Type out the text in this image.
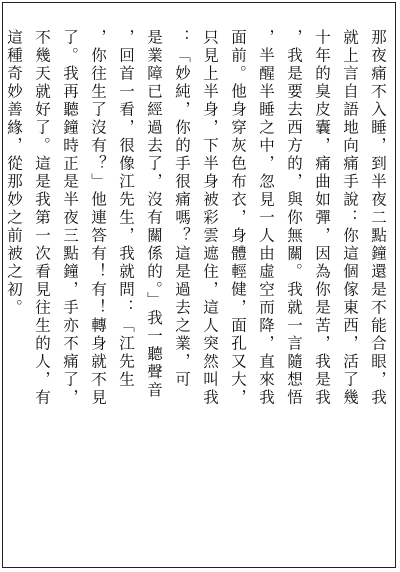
那夜痛不入睡，到半夜二點鐘還是不能合眼，我
就上言自語地向痛手說：你這個傢東西，活了幾
十年的臭皮囊，痛曲如彈，因為你是苦，我是我
，我是要去西方的，與你無關。我就一言隨想悟
，半醒半睡之中，忽見一人由虛空而降，直來我
面前。他身穿灰色布衣，身體輕健，面孔又大，
只見上半身，下半身被彩雲遮住，這人突然叫我
：「妙純，你的手很痛嗎？這是過去之業，可
是業障已經過去了，沒有關係的。」我一聽聲音
，回首一看，很像江先生，我就問：「江先生
，你往生了沒有？」他連答有！有！轉身就不見
了。我再聽鐘時正是半夜三點鐘，手亦不痛了，
不幾天就好了。這是我第一次看見往生的人，有
這種奇妙善緣，從那妙之前被之初。
